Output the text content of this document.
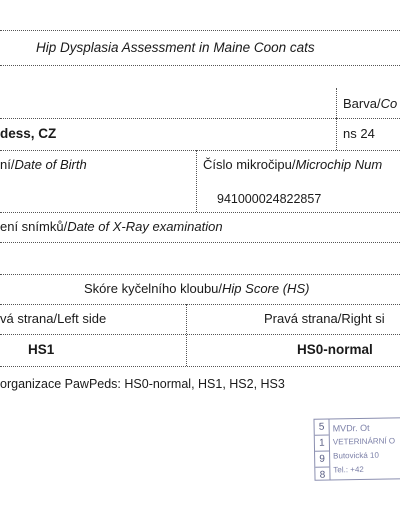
Hip Dysplasia Assessment in Maine Coon cats
Barva/Co
dess, CZ	ns 24
ní/Date of Birth	Číslo mikročipu/Microchip Num
941000024822857
ení snímků/Date of X-Ray examination
Skóre kyčelního kloubu/Hip Score (HS)
vá strana/Left side	Pravá strana/Right si
HS1	HS0-normal
organizace PawPeds: HS0-normal, HS1, HS2, HS3
5
1
9
8
MVDr. Ot
VETERINÁRNÍ O
Butovická 10
Tel.: +42
